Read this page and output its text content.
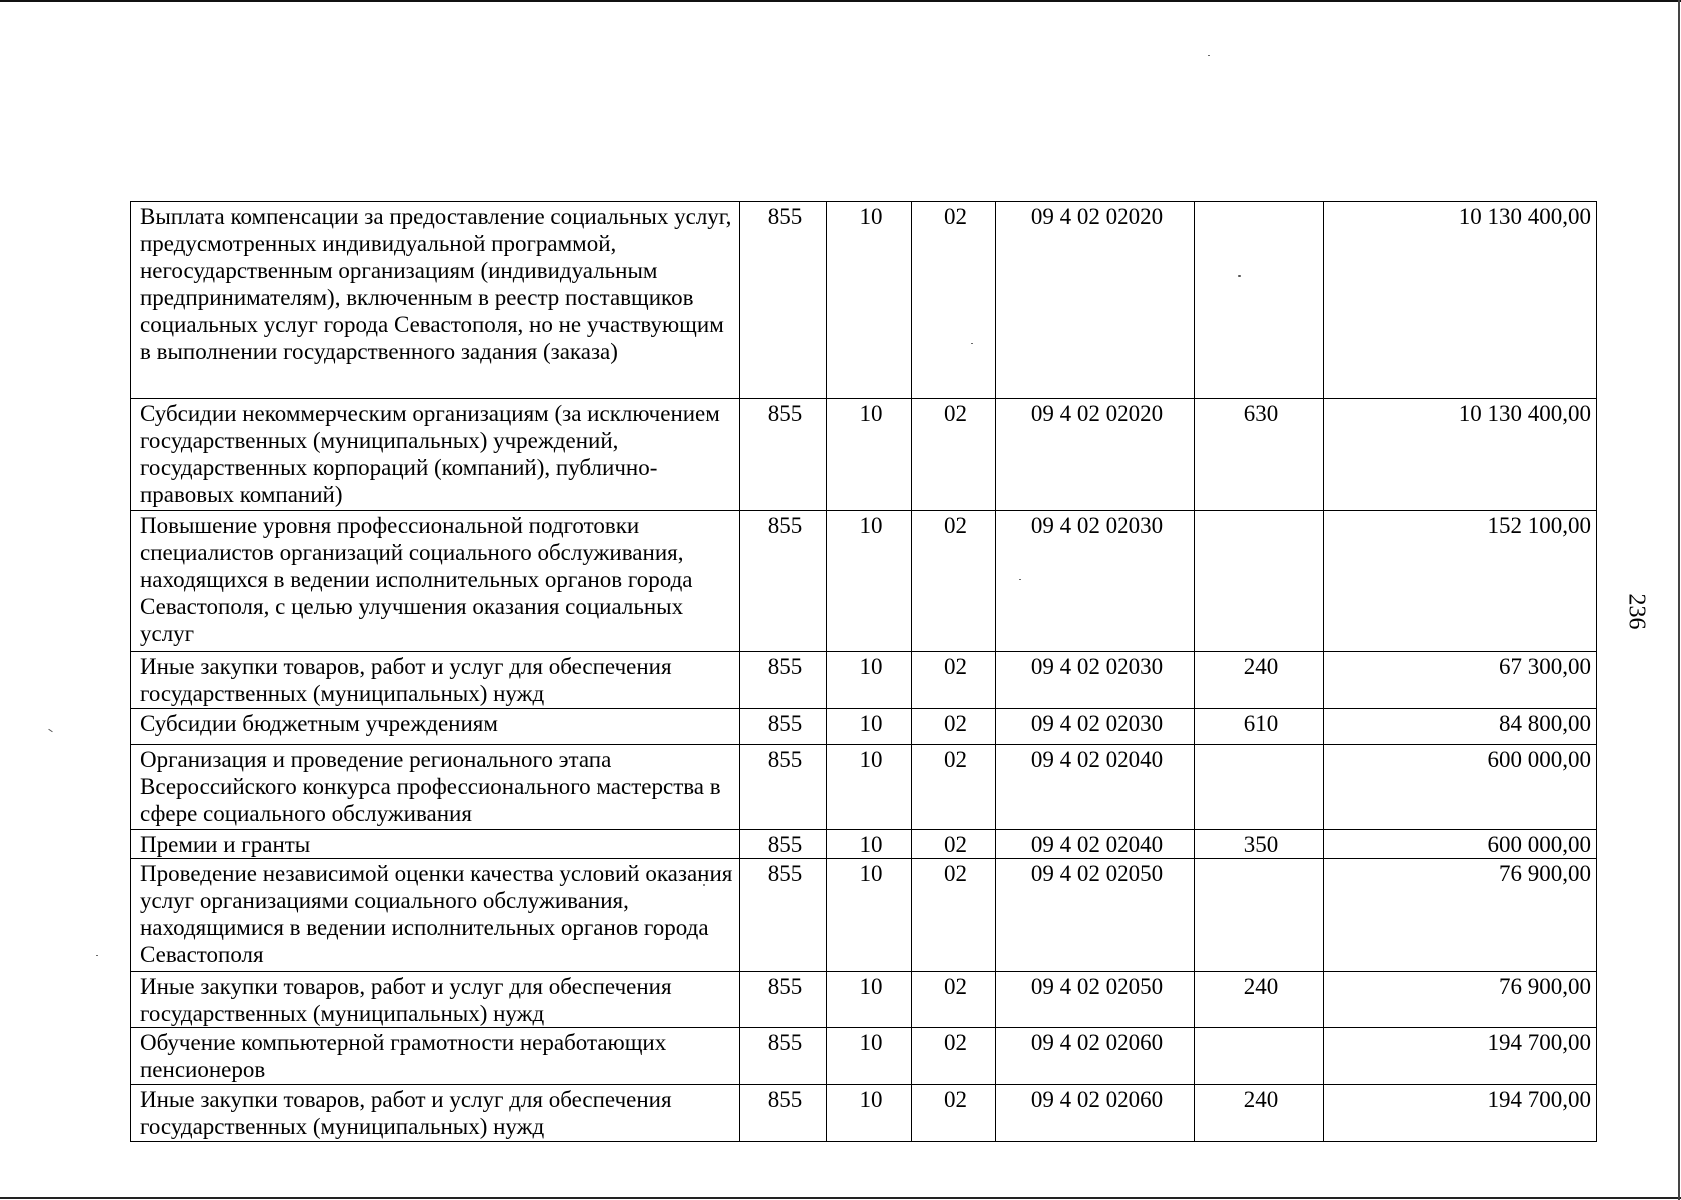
Выплата компенсации за предоставление социальных услуг, предусмотренных индивидуальной программой, негосударственным организациям (индивидуальным предпринимателям), включенным в реестр поставщиков социальных услуг города Севастополя, но не участвующим в выполнении государственного задания (заказа)	855	10	02	09 4 02 02020		10 130 400,00
Субсидии некоммерческим организациям (за исключением государственных (муниципальных) учреждений, государственных корпораций (компаний), публично-правовых компаний)	855	10	02	09 4 02 02020	630	10 130 400,00
Повышение уровня профессиональной подготовки специалистов организаций социального обслуживания, находящихся в ведении исполнительных органов города Севастополя, с целью улучшения оказания социальных услуг	855	10	02	09 4 02 02030		152 100,00
Иные закупки товаров, работ и услуг для обеспечения государственных (муниципальных) нужд	855	10	02	09 4 02 02030	240	67 300,00
Субсидии бюджетным учреждениям	855	10	02	09 4 02 02030	610	84 800,00
Организация и проведение регионального этапа Всероссийского конкурса профессионального мастерства в сфере социального обслуживания	855	10	02	09 4 02 02040		600 000,00
Премии и гранты	855	10	02	09 4 02 02040	350	600 000,00
Проведение независимой оценки качества условий оказания услуг организациями социального обслуживания, находящимися в ведении исполнительных органов города Севастополя	855	10	02	09 4 02 02050		76 900,00
Иные закупки товаров, работ и услуг для обеспечения государственных (муниципальных) нужд	855	10	02	09 4 02 02050	240	76 900,00
Обучение компьютерной грамотности неработающих пенсионеров	855	10	02	09 4 02 02060		194 700,00
Иные закупки товаров, работ и услуг для обеспечения государственных (муниципальных) нужд	855	10	02	09 4 02 02060	240	194 700,00
236
